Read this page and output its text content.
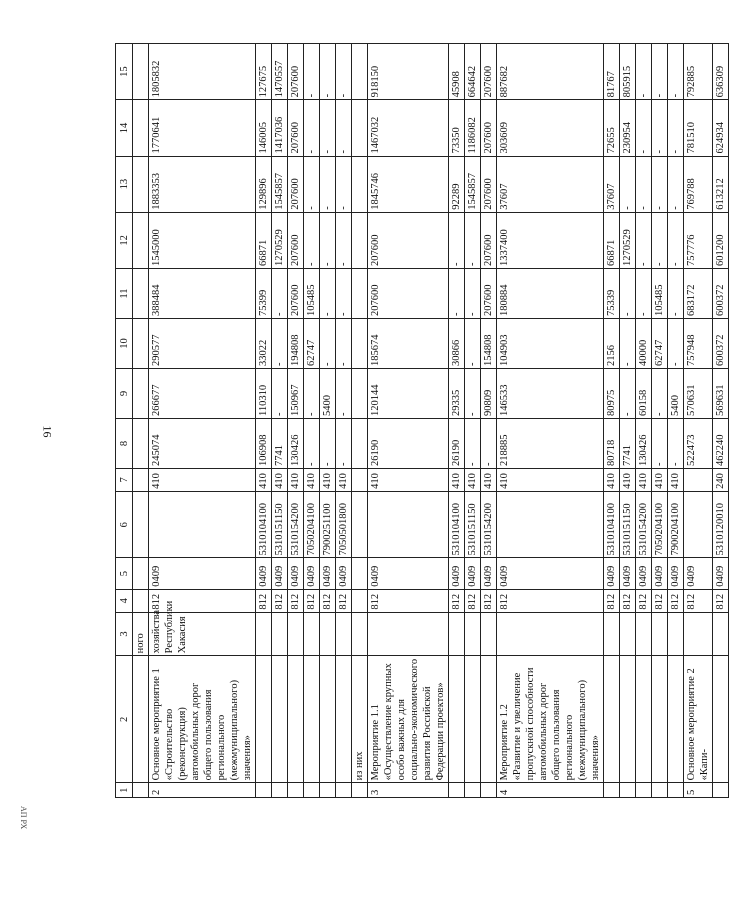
16
АП РХ
1	2	3	4	5	6	7	8	9	10	11	12	13	14	15
		ного												
2	Основное мероприятие 1 «Строительство (реконструкция) автомобильных дорог общего пользования регионального (межмуниципального) значения»	хозяйства Республики Хакасия	812	0409		410	245074	266677	290577	388484	1545000	1883353	1770641	1805832
			812	0409	5310104100	410	106908	110310	33022	75399	66871	129896	146005	127675
			812	0409	5310151150	410	7741	-	-	-	1270529	1545857	1417036	1470557
			812	0409	5310154200	410	130426	150967	194808	207600	207600	207600	207600	207600
			812	0409	7050204100	410	-	-	62747	105485	-	-	-	-
			812	0409	7900251100	410	-	5400	-	-	-	-	-	-
			812	0409	7050501800	410	-	-	-	-	-	-	-	-
	из них													
3	Мероприятие 1.1 «Осуществление крупных особо важных для социально-экономического развития Российской Федерации проектов»		812	0409		410	26190	120144	185674	207600	207600	1845746	1467032	918150
			812	0409	5310104100	410	26190	29335	30866	-	-	92289	73350	45908
			812	0409	5310151150	410	-	-	-	-	-	1545857	1186082	664642
			812	0409	5310154200	410	-	90809	154808	207600	207600	207600	207600	207600
4	Мероприятие 1.2 «Развитие и увеличение пропускной способности автомобильных дорог общего пользования регионального (межмуниципального) значения»		812	0409		410	218885	146533	104903	180884	1337400	37607	303609	887682
			812	0409	5310104100	410	80718	80975	2156	75339	66871	37607	72655	81767
			812	0409	5310151150	410	7741	-	-	-	1270529	-	230954	805915
			812	0409	5310154200	410	130426	60158	40000	-	-	-	-	-
			812	0409	7050204100	410	-	-	62747	105485	-	-	-	-
			812	0409	7900204100	410	-	5400	-	-	-	-	-	-
5	Основное мероприятие 2 «Капи-		812	0409			522473	570631	757948	683172	757776	769788	781510	792885
			812	0409	5310120010	240	462240	569631	600372	600372	601200	613212	624934	636309
